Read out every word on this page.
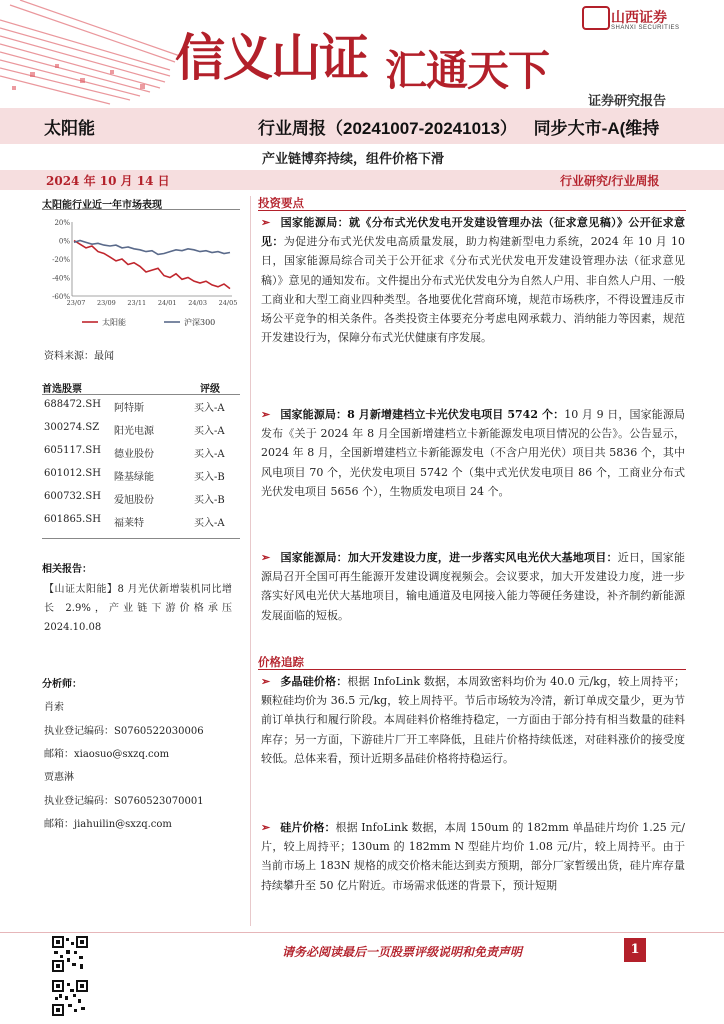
信义山证 汇通天下
山西证券
SHANXI SECURITIES
证券研究报告
太阳能	行业周报（20241007-20241013） 同步大市-A(维持
产业链博弈持续，组件价格下滑
2024 年 10 月 14 日	行业研究/行业周报
太阳能行业近一年市场表现
20%
0%
-20%
-40%
-60%
23/07 23/09 23/11 24/01 24/03 24/05
太阳能	沪深300
资料来源：最闻
首选股票	评级
688472.SH 阿特斯	买入-A
300274.SZ 阳光电源	买入-A
605117.SH 德业股份	买入-A
601012.SH 隆基绿能	买入-B
600732.SH 爱旭股份	买入-B
601865.SH 福莱特	买入-A
相关报告：
【山证太阳能】8 月光伏新增装机同比增长 2.9%，产业链下游价格承压 2024.10.08
分析师：
肖索
执业登记编码：S0760522030006
邮箱：xiaosuo@sxzq.com
贾惠淋
执业登记编码：S0760523070001
邮箱：jiahuilin@sxzq.com
投资要点
➢ 国家能源局：就《分布式光伏发电开发建设管理办法（征求意见稿）》公开征求意见：为促进分布式光伏发电高质量发展，助力构建新型电力系统，2024 年 10 月 10 日，国家能源局综合司关于公开征求《分布式光伏发电开发建设管理办法（征求意见稿）》意见的通知发布。文件提出分布式光伏发电分为自然人户用、非自然人户用、一般工商业和大型工商业四种类型。各地要优化营商环境，规范市场秩序，不得设置违反市场公平竞争的相关条件。各类投资主体要充分考虑电网承载力、消纳能力等因素，规范开发建设行为，保障分布式光伏健康有序发展。
➢ 国家能源局：8 月新增建档立卡光伏发电项目 5742 个：10 月 9 日，国家能源局发布《关于 2024 年 8 月全国新增建档立卡新能源发电项目情况的公告》。公告显示，2024 年 8 月，全国新增建档立卡新能源发电（不含户用光伏）项目共 5836 个，其中风电项目 70 个，光伏发电项目 5742 个（集中式光伏发电项目 86 个，工商业分布式光伏发电项目 5656 个），生物质发电项目 24 个。
➢ 国家能源局：加大开发建设力度，进一步落实风电光伏大基地项目：近日，国家能源局召开全国可再生能源开发建设调度视频会。会议要求，加大开发建设力度，进一步落实好风电光伏大基地项目，输电通道及电网接入能力等硬任务建设，补齐制约新能源发展面临的短板。
价格追踪
➢ 多晶硅价格：根据 InfoLink 数据，本周致密料均价为 40.0 元/kg，较上周持平；颗粒硅均价为 36.5 元/kg，较上周持平。节后市场较为冷清，新订单成交量少，更为节前订单执行和履行阶段。本周硅料价格维持稳定，一方面由于部分持有相当数量的硅料库存；另一方面，下游硅片厂开工率降低，且硅片价格持续低迷，对硅料涨价的接受度较低。总体来看，预计近期多晶硅价格将持稳运行。
➢ 硅片价格：根据 InfoLink 数据，本周 150um 的 182mm 单晶硅片均价 1.25 元/片，较上周持平；130um 的 182mm N 型硅片均价 1.08 元/片，较上周持平。由于当前市场上 183N 规格的成交价格未能达到卖方预期，部分厂家暂缓出货，硅片库存量持续攀升至 50 亿片附近。市场需求低迷的背景下，预计短期
请务必阅读最后一页股票评级说明和免责声明	1
